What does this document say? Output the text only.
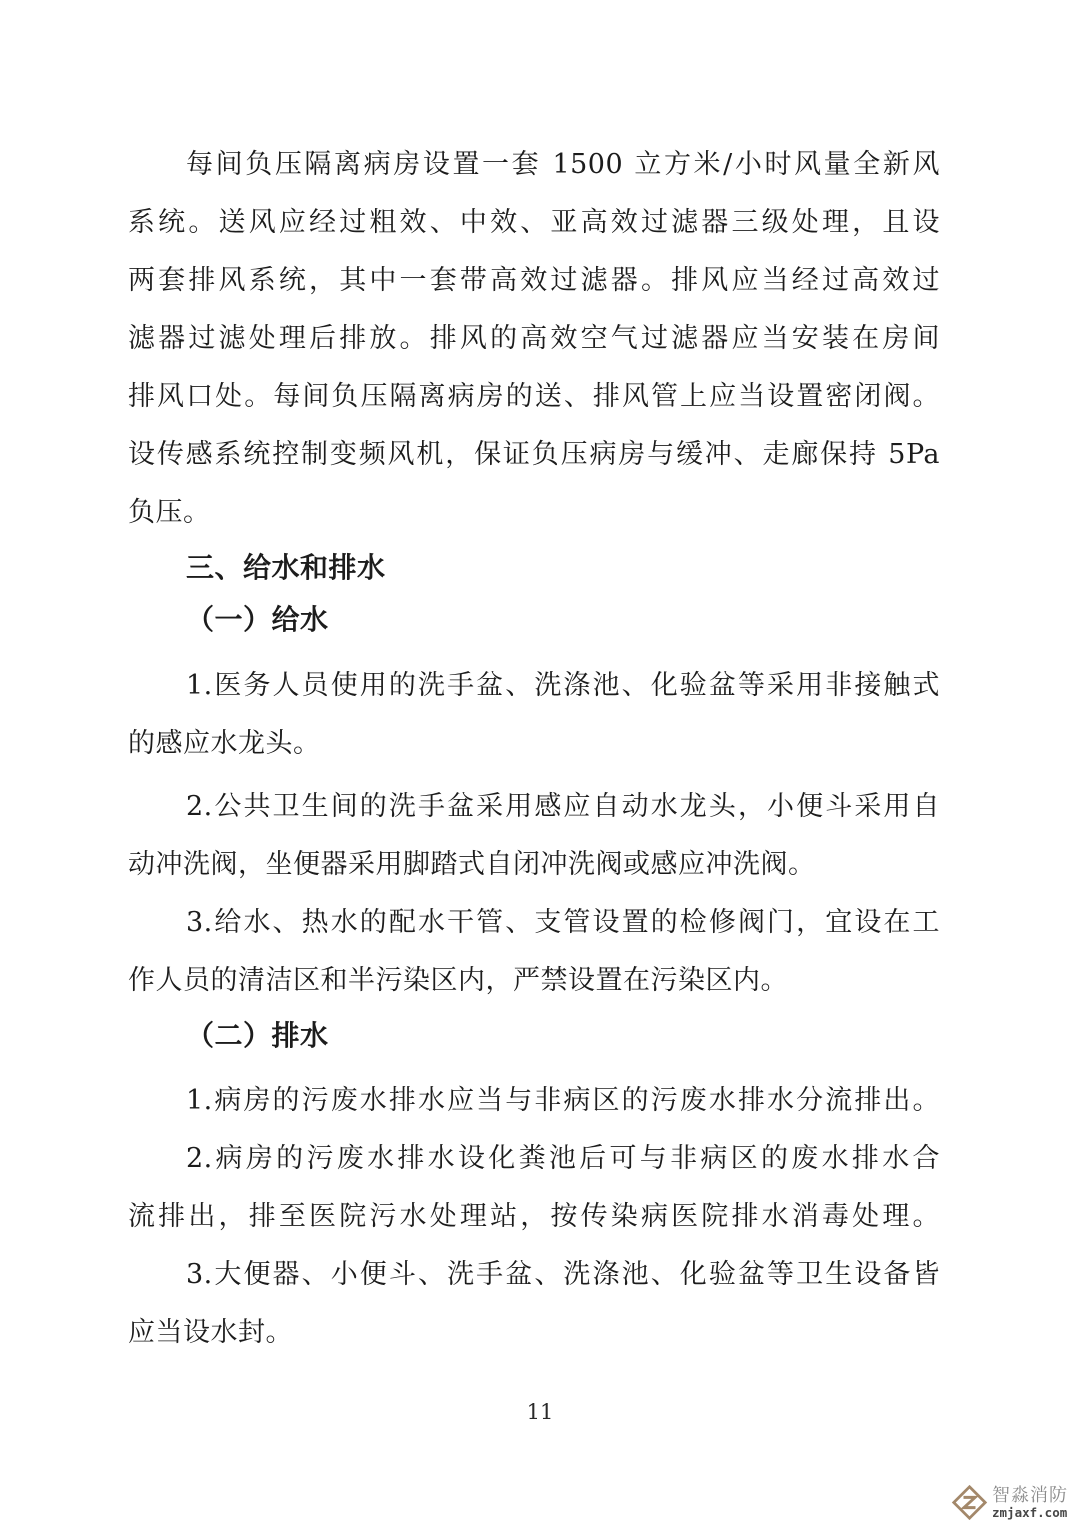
每间负压隔离病房设置一套 1500 立方米/小时风量全新风
系统。送风应经过粗效、中效、亚高效过滤器三级处理，且设
两套排风系统，其中一套带高效过滤器。排风应当经过高效过
滤器过滤处理后排放。排风的高效空气过滤器应当安装在房间
排风口处。每间负压隔离病房的送、排风管上应当设置密闭阀。
设传感系统控制变频风机，保证负压病房与缓冲、走廊保持 5Pa
负压。

三、给水和排水

（一）给水

1.医务人员使用的洗手盆、洗涤池、化验盆等采用非接触式
的感应水龙头。

2.公共卫生间的洗手盆采用感应自动水龙头，小便斗采用自
动冲洗阀，坐便器采用脚踏式自闭冲洗阀或感应冲洗阀。

3.给水、热水的配水干管、支管设置的检修阀门，宜设在工
作人员的清洁区和半污染区内，严禁设置在污染区内。

（二）排水

1.病房的污废水排水应当与非病区的污废水排水分流排出。

2.病房的污废水排水设化粪池后可与非病区的废水排水合
流排出，排至医院污水处理站，按传染病医院排水消毒处理。

3.大便器、小便斗、洗手盆、洗涤池、化验盆等卫生设备皆
应当设水封。

11
智淼消防
zmjaxf.com
